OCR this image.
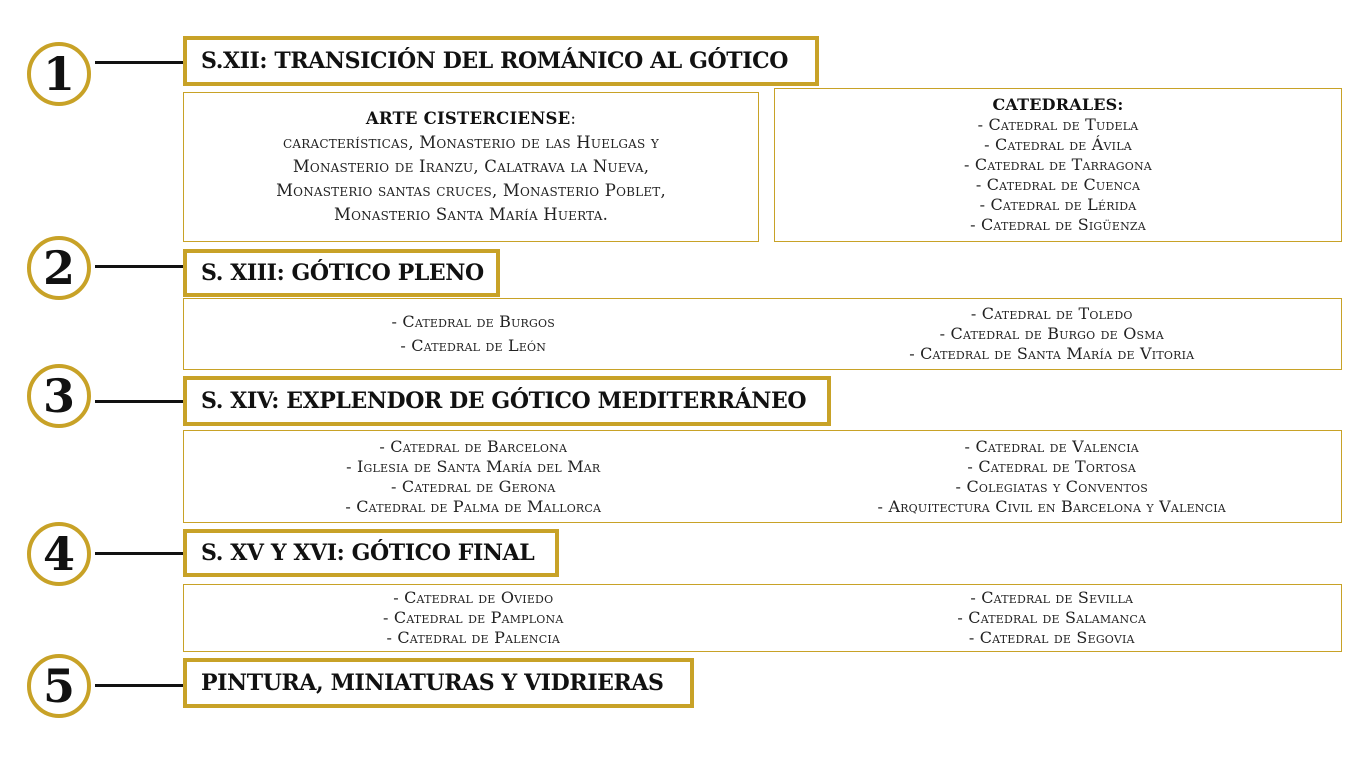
1	S.XII: TRANSICIÓN DEL ROMÁNICO AL GÓTICO
ARTE CISTERCIENSE:
características, Monasterio de las Huelgas y
Monasterio de Iranzu, Calatrava la Nueva,
Monasterio santas cruces, Monasterio Poblet,
Monasterio Santa María Huerta.
CATEDRALES:
- Catedral de Tudela
- Catedral de Ávila
- Catedral de Tarragona
- Catedral de Cuenca
- Catedral de Lérida
- Catedral de Sigüenza
2	S. XIII: GÓTICO PLENO
- Catedral de Burgos
- Catedral de León
- Catedral de Toledo
- Catedral de Burgo de Osma
- Catedral de Santa María de Vitoria
3	S. XIV: EXPLENDOR DE GÓTICO MEDITERRÁNEO
- Catedral de Barcelona
- Iglesia de Santa María del Mar
- Catedral de Gerona
- Catedral de Palma de Mallorca
- Catedral de Valencia
- Catedral de Tortosa
- Colegiatas y Conventos
- Arquitectura Civil en Barcelona y Valencia
4	S. XV Y XVI: GÓTICO FINAL
- Catedral de Oviedo
- Catedral de Pamplona
- Catedral de Palencia
- Catedral de Sevilla
- Catedral de Salamanca
- Catedral de Segovia
5	PINTURA, MINIATURAS Y VIDRIERAS
